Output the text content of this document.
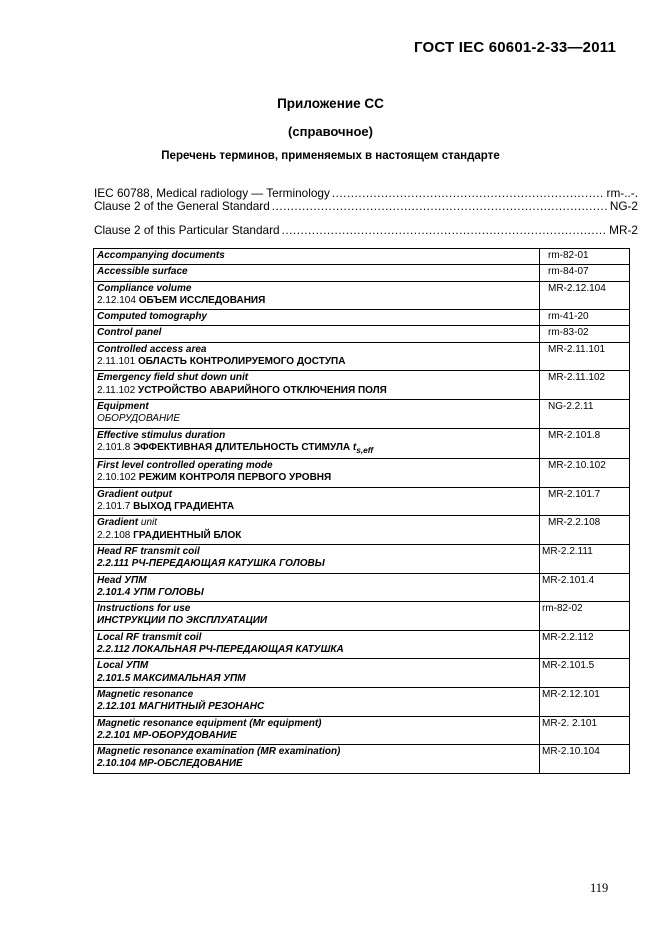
ГОСТ IEC 60601-2-33—2011
Приложение СС
(справочное)
Перечень терминов, применяемых в настоящем стандарте
IEC 60788, Medical radiology — Terminology .....	rm-..-.
Clause 2 of the General Standard .....	NG-2
Clause 2 of this Particular Standard .....	MR-2
Accompanying documents	rm-82-01

Accessible surface	rm-84-07

Compliance volume
2.12.104 ОБЪЕМ ИССЛЕДОВАНИЯ	MR-2.12.104

Computed tomography	rm-41-20

Control panel	rm-83-02

Controlled access area
2.11.101 ОБЛАСТЬ КОНТРОЛИРУЕМОГО ДОСТУПА	MR-2.11.101

Emergency field shut down unit
2.11.102 УСТРОЙСТВО АВАРИЙНОГО ОТКЛЮЧЕНИЯ ПОЛЯ	MR-2.11.102

Equipment
ОБОРУДОВАНИЕ	NG-2.2.11

Effective stimulus duration
2.101.8 ЭФФЕКТИВНАЯ ДЛИТЕЛЬНОСТЬ СТИМУЛА $t_{s,eff}$	MR-2.101.8

First level controlled operating mode
2.10.102 РЕЖИМ КОНТРОЛЯ ПЕРВОГО УРОВНЯ	MR-2.10.102

Gradient output
2.101.7 ВЫХОД ГРАДИЕНТА	MR-2.101.7

Gradient unit
2.2.108 ГРАДИЕНТНЫЙ БЛОК	MR-2.2.108

Head RF transmit coil
2.2.111 РЧ-ПЕРЕДАЮЩАЯ КАТУШКА ГОЛОВЫ	MR-2.2.111

Head УПМ
2.101.4 УПМ ГОЛОВЫ	MR-2.101.4

Instructions for use
ИНСТРУКЦИИ ПО ЭКСПЛУАТАЦИИ	rm-82-02

Local RF transmit coil
2.2.112 ЛОКАЛЬНАЯ РЧ-ПЕРЕДАЮЩАЯ КАТУШКА	MR-2.2.112

Local УПМ
2.101.5 МАКСИМАЛЬНАЯ УПМ	MR-2.101.5

Magnetic resonance
2.12.101 МАГНИТНЫЙ РЕЗОНАНС	MR-2.12.101

Magnetic resonance equipment (Mr equipment)
2.2.101 МР-ОБОРУДОВАНИЕ	MR-2. 2.101

Magnetic resonance examination (MR examination)
2.10.104 МР-ОБСЛЕДОВАНИЕ	MR-2.10.104
119
